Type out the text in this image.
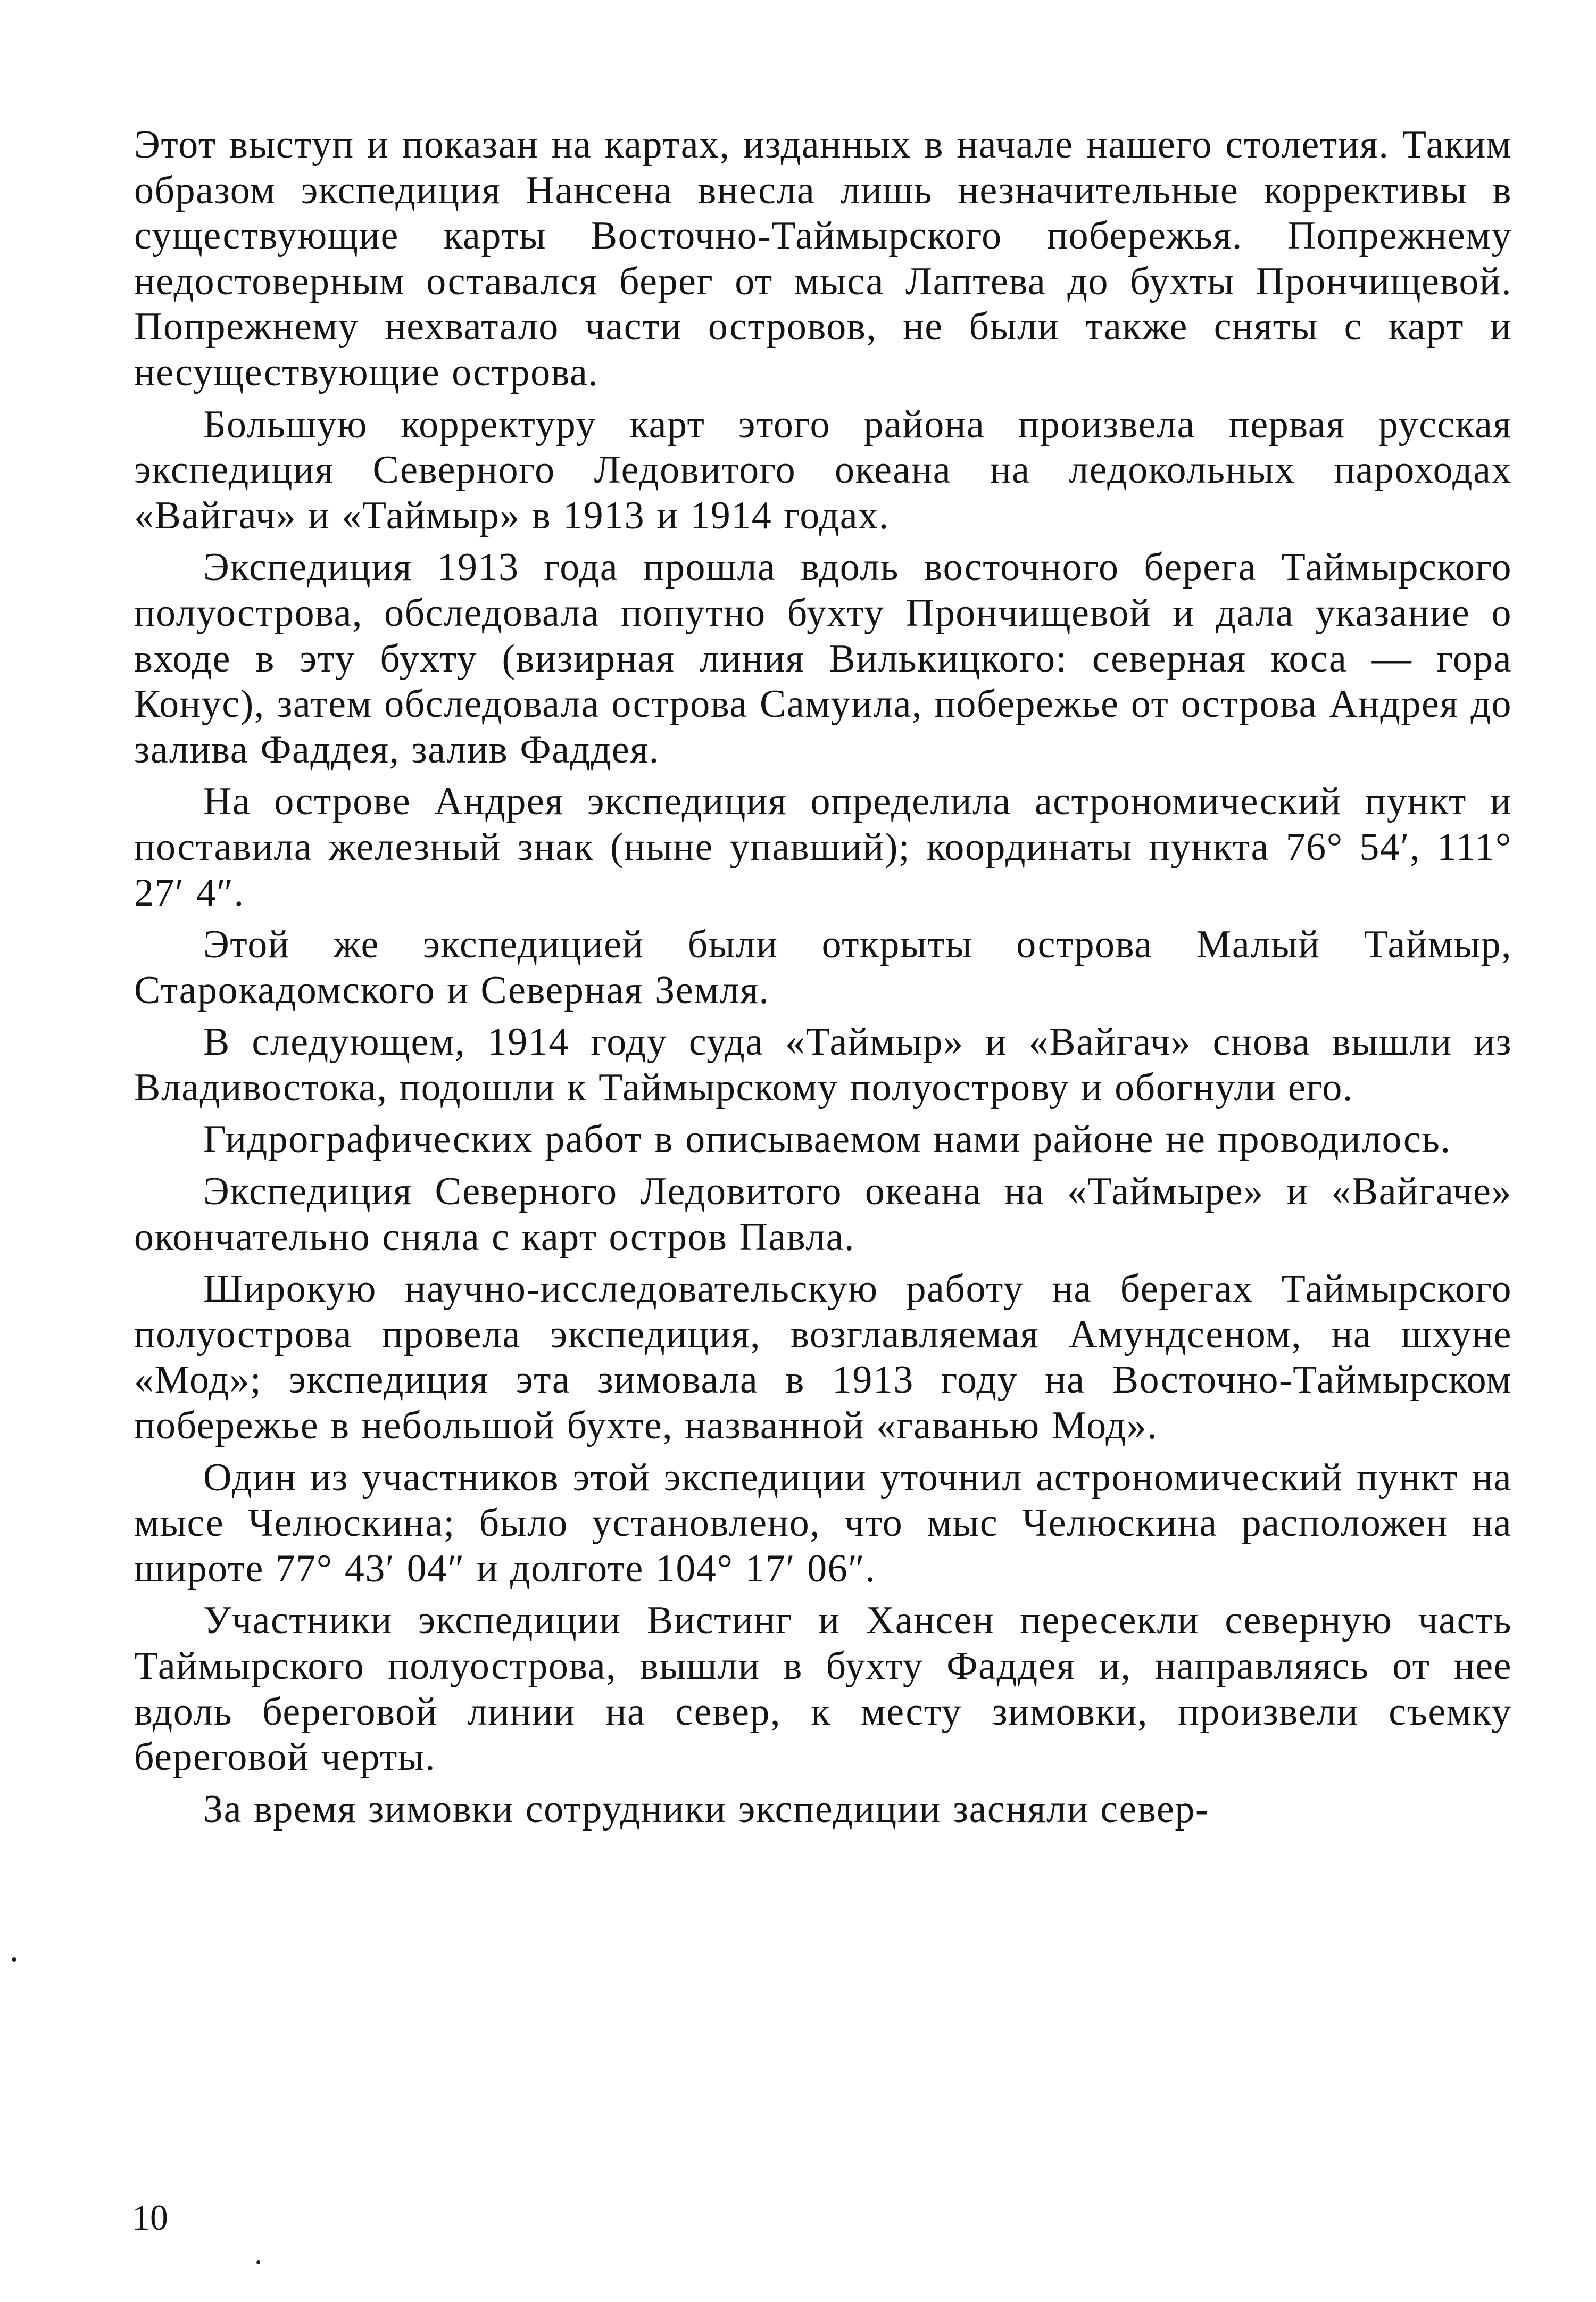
Этот выступ и показан на картах, изданных в начале нашего столетия. Таким образом экспедиция Нансена внесла лишь незначительные коррективы в существующие карты Восточно-Таймырского побережья. Попрежнему недостоверным оставался берег от мыса Лаптева до бухты Прончищевой. Попрежнему нехватало части островов, не были также сняты с карт и несуществующие острова.

Большую корректуру карт этого района произвела первая русская экспедиция Северного Ледовитого океана на ледокольных пароходах «Вайгач» и «Таймыр» в 1913 и 1914 годах.

Экспедиция 1913 года прошла вдоль восточного берега Таймырского полуострова, обследовала попутно бухту Прончищевой и дала указание о входе в эту бухту (визирная линия Вилькицкого: северная коса — гора Конус), затем обследовала острова Самуила, побережье от острова Андрея до залива Фаддея, залив Фаддея.

На острове Андрея экспедиция определила астрономический пункт и поставила железный знак (ныне упавший); координаты пункта 76° 54′, 111° 27′ 4″.

Этой же экспедицией были открыты острова Малый Таймыр, Старокадомского и Северная Земля.

В следующем, 1914 году суда «Таймыр» и «Вайгач» снова вышли из Владивостока, подошли к Таймырскому полуострову и обогнули его.

Гидрографических работ в описываемом нами районе не проводилось.

Экспедиция Северного Ледовитого океана на «Таймыре» и «Вайгаче» окончательно сняла с карт остров Павла.

Широкую научно-исследовательскую работу на берегах Таймырского полуострова провела экспедиция, возглавляемая Амундсеном, на шхуне «Мод»; экспедиция эта зимовала в 1913 году на Восточно-Таймырском побережье в небольшой бухте, названной «гаванью Мод».

Один из участников этой экспедиции уточнил астрономический пункт на мысе Челюскина; было установлено, что мыс Челюскина расположен на широте 77° 43′ 04″ и долготе 104° 17′ 06″.

Участники экспедиции Вистинг и Хансен пересекли северную часть Таймырского полуострова, вышли в бухту Фаддея и, направляясь от нее вдоль береговой линии на север, к месту зимовки, произвели съемку береговой черты.

За время зимовки сотрудники экспедиции засняли север-

10
